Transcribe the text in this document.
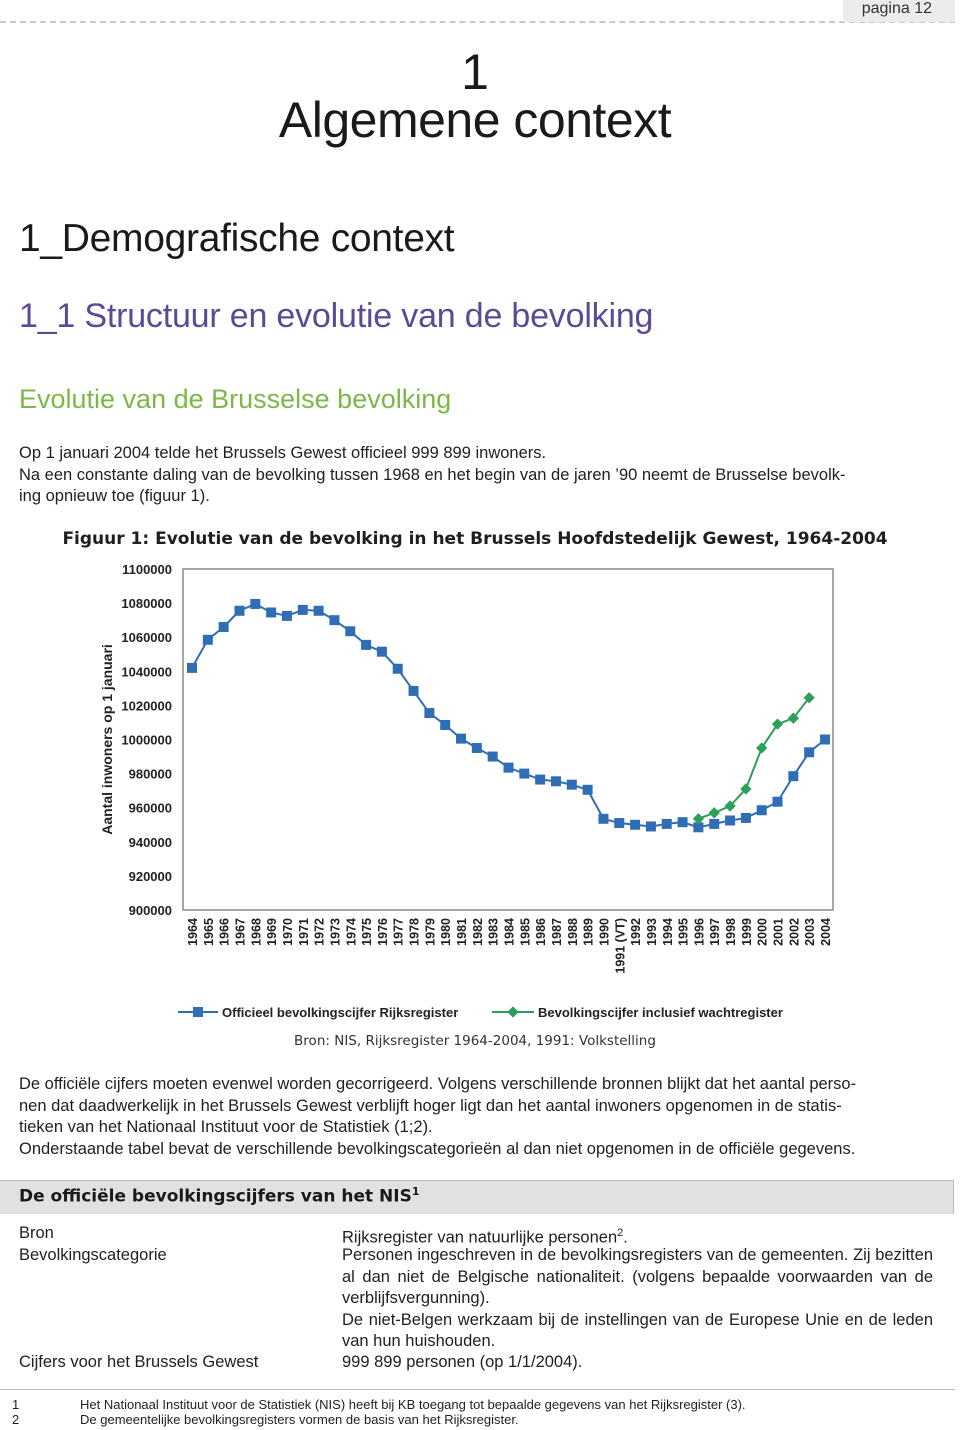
pagina 12
1
Algemene context
1_Demografische context
1_1 Structuur en evolutie van de bevolking
Evolutie van de Brusselse bevolking
Op 1 januari 2004 telde het Brussels Gewest officieel 999 899 inwoners.
Na een constante daling van de bevolking tussen 1968 en het begin van de jaren ’90 neemt de Brusselse bevolk-
ing opnieuw toe (figuur 1).
Figuur 1: Evolutie van de bevolking in het Brussels Hoofdstedelijk Gewest, 1964-2004
1100000
1080000
1060000
1040000
1020000
1000000
980000
960000
940000
920000
900000
Aantal inwoners op 1 januari
1964 1965 1966 1967 1968 1969 1970 1971 1972 1973 1974 1975 1976 1977 1978 1979 1980 1981 1982 1983 1984 1985 1986 1987 1988 1989 1990 1991 (VT) 1992 1993 1994 1995 1996 1997 1998 1999 2000 2001 2002 2003 2004
Officieel bevolkingscijfer Rijksregister	Bevolkingscijfer inclusief wachtregister
Bron: NIS, Rijksregister 1964-2004, 1991: Volkstelling
De officiële cijfers moeten evenwel worden gecorrigeerd. Volgens verschillende bronnen blijkt dat het aantal perso-
nen dat daadwerkelijk in het Brussels Gewest verblijft hoger ligt dan het aantal inwoners opgenomen in de statis-
tieken van het Nationaal Instituut voor de Statistiek (1;2).
Onderstaande tabel bevat de verschillende bevolkingscategorieën al dan niet opgenomen in de officiële gegevens.
De officiële bevolkingscijfers van het NIS$^1$
Bron	Rijksregister van natuurlijke personen$^2$.
Bevolkingscategorie	Personen ingeschreven in de bevolkingsregisters van de gemeenten. Zij bezitten al dan niet de Belgische nationaliteit. (volgens bepaalde voorwaarden van de verblijfsvergunning).
De niet-Belgen werkzaam bij de instellingen van de Europese Unie en de leden van hun huishouden.
Cijfers voor het Brussels Gewest	999 899 personen (op 1/1/2004).
1	Het Nationaal Instituut voor de Statistiek (NIS) heeft bij KB toegang tot bepaalde gegevens van het Rijksregister (3).
2	De gemeentelijke bevolkingsregisters vormen de basis van het Rijksregister.
